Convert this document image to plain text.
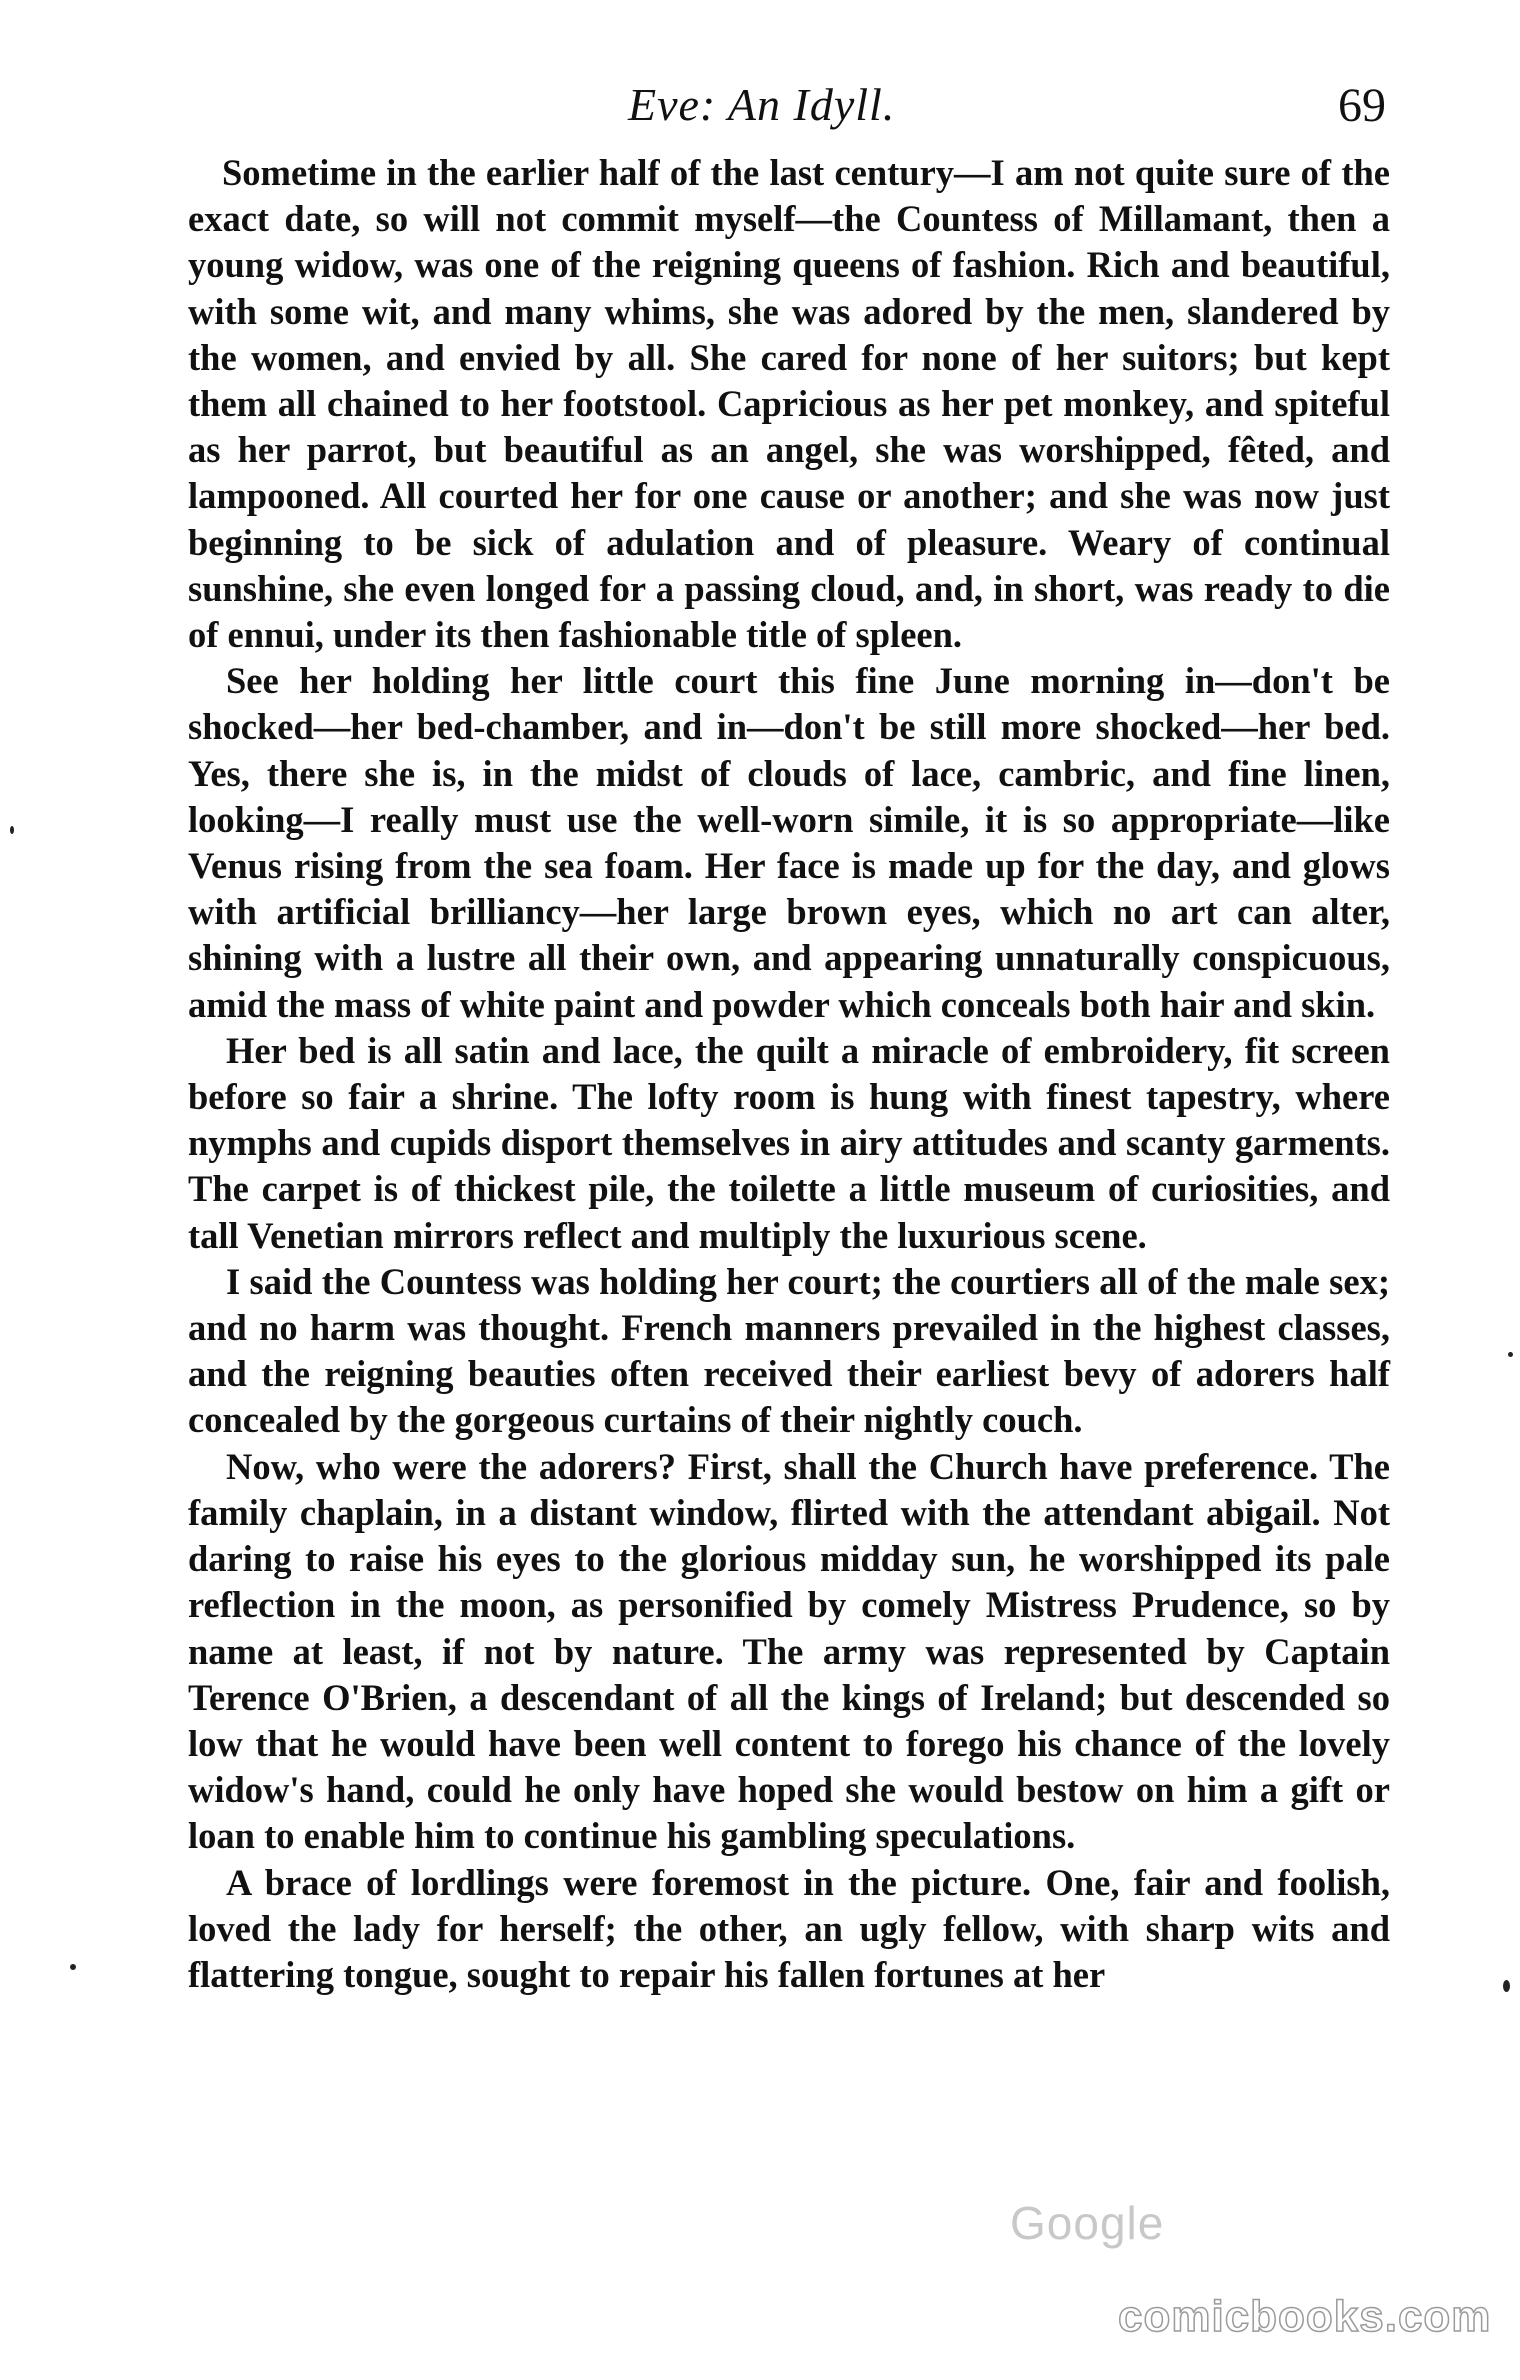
Eve: An Idyll.	69

Sometime in the earlier half of the last century—I am not quite sure of the exact date, so will not commit myself—the Countess of Millamant, then a young widow, was one of the reigning queens of fashion. Rich and beautiful, with some wit, and many whims, she was adored by the men, slandered by the women, and envied by all. She cared for none of her suitors; but kept them all chained to her footstool. Capricious as her pet monkey, and spiteful as her parrot, but beautiful as an angel, she was worshipped, fêted, and lampooned. All courted her for one cause or another; and she was now just beginning to be sick of adulation and of pleasure. Weary of continual sunshine, she even longed for a passing cloud, and, in short, was ready to die of ennui, under its then fashionable title of spleen.

See her holding her little court this fine June morning in—don't be shocked—her bed-chamber, and in—don't be still more shocked—her bed. Yes, there she is, in the midst of clouds of lace, cambric, and fine linen, looking—I really must use the well-worn simile, it is so appropriate—like Venus rising from the sea foam. Her face is made up for the day, and glows with artificial brilliancy—her large brown eyes, which no art can alter, shining with a lustre all their own, and appearing unnaturally conspicuous, amid the mass of white paint and powder which conceals both hair and skin.

Her bed is all satin and lace, the quilt a miracle of embroidery, fit screen before so fair a shrine. The lofty room is hung with finest tapestry, where nymphs and cupids disport themselves in airy attitudes and scanty garments. The carpet is of thickest pile, the toilette a little museum of curiosities, and tall Venetian mirrors reflect and multiply the luxurious scene.

I said the Countess was holding her court; the courtiers all of the male sex; and no harm was thought. French manners prevailed in the highest classes, and the reigning beauties often received their earliest bevy of adorers half concealed by the gorgeous curtains of their nightly couch.

Now, who were the adorers? First, shall the Church have preference. The family chaplain, in a distant window, flirted with the attendant abigail. Not daring to raise his eyes to the glorious midday sun, he worshipped its pale reflection in the moon, as personified by comely Mistress Prudence, so by name at least, if not by nature. The army was represented by Captain Terence O'Brien, a descendant of all the kings of Ireland; but descended so low that he would have been well content to forego his chance of the lovely widow's hand, could he only have hoped she would bestow on him a gift or loan to enable him to continue his gambling speculations.

A brace of lordlings were foremost in the picture. One, fair and foolish, loved the lady for herself; the other, an ugly fellow, with sharp wits and flattering tongue, sought to repair his fallen fortunes at her

Google
comicbooks.com
